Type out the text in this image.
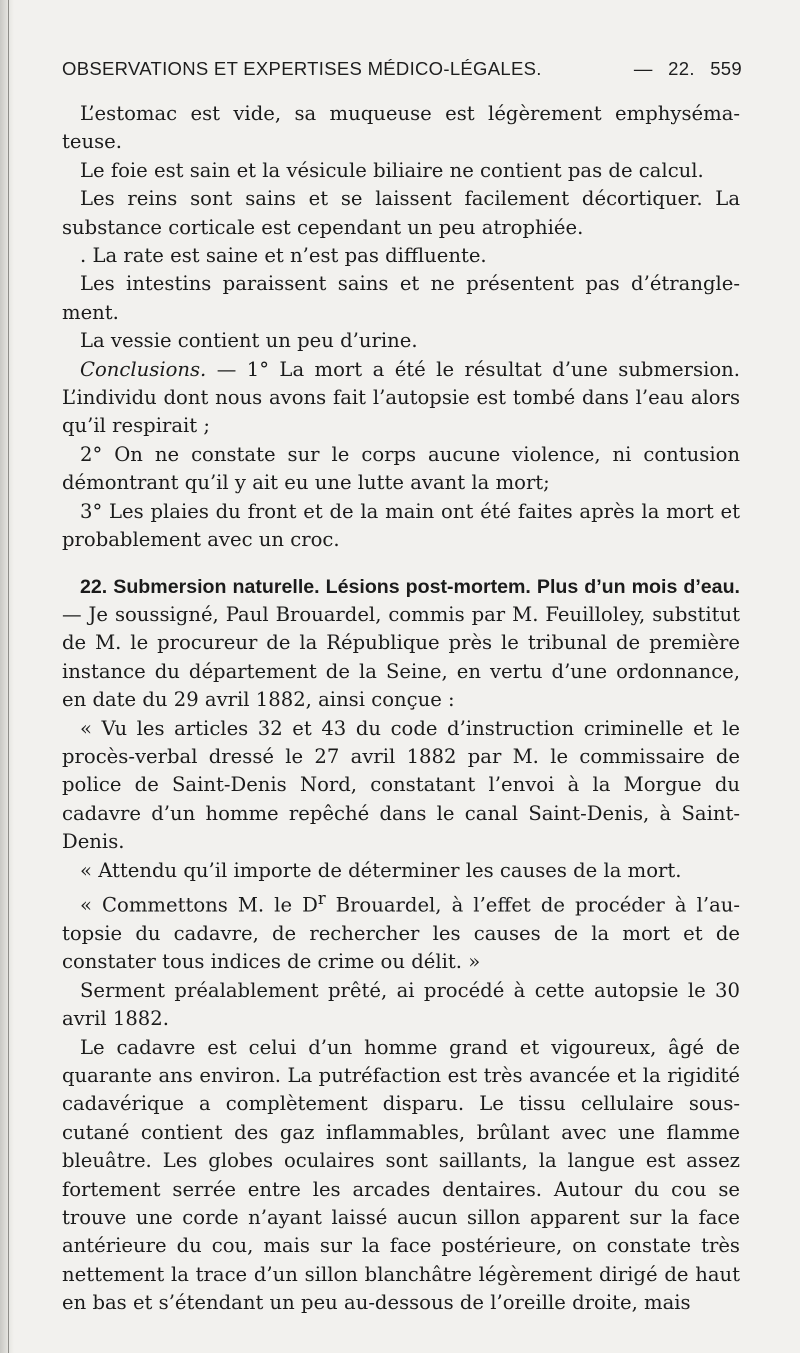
OBSERVATIONS ET EXPERTISES MÉDICO-LÉGALES.	— 22. 559

L’estomac est vide, sa muqueuse est légèrement emphysémateuse.

Le foie est sain et la vésicule biliaire ne contient pas de calcul.

Les reins sont sains et se laissent facilement décortiquer. La substance corticale est cependant un peu atrophiée.

. La rate est saine et n’est pas diffluente.

Les intestins paraissent sains et ne présentent pas d’étranglement.

La vessie contient un peu d’urine.

Conclusions. — 1° La mort a été le résultat d’une submersion. L’individu dont nous avons fait l’autopsie est tombé dans l’eau alors qu’il respirait ;

2° On ne constate sur le corps aucune violence, ni contusion démontrant qu’il y ait eu une lutte avant la mort;

3° Les plaies du front et de la main ont été faites après la mort et probablement avec un croc.

22. Submersion naturelle. Lésions post-mortem. Plus d’un mois d’eau. — Je soussigné, Paul Brouardel, commis par M. Feuilloley, substitut de M. le procureur de la République près le tribunal de première instance du département de la Seine, en vertu d’une ordonnance, en date du 29 avril 1882, ainsi conçue :

« Vu les articles 32 et 43 du code d’instruction criminelle et le procès-verbal dressé le 27 avril 1882 par M. le commissaire de police de Saint-Denis Nord, constatant l’envoi à la Morgue du cadavre d’un homme repêché dans le canal Saint-Denis, à Saint-Denis.

« Attendu qu’il importe de déterminer les causes de la mort.

« Commettons M. le $D^r$ Brouardel, à l’effet de procéder à l’autopsie du cadavre, de rechercher les causes de la mort et de constater tous indices de crime ou délit. »

Serment préalablement prêté, ai procédé à cette autopsie le 30 avril 1882.

Le cadavre est celui d’un homme grand et vigoureux, âgé de quarante ans environ. La putréfaction est très avancée et la rigidité cadavérique a complètement disparu. Le tissu cellulaire sous-cutané contient des gaz inflammables, brûlant avec une flamme bleuâtre. Les globes oculaires sont saillants, la langue est assez fortement serrée entre les arcades dentaires. Autour du cou se trouve une corde n’ayant laissé aucun sillon apparent sur la face antérieure du cou, mais sur la face postérieure, on constate très nettement la trace d’un sillon blanchâtre légèrement dirigé de haut en bas et s’étendant un peu au-dessous de l’oreille droite, mais
